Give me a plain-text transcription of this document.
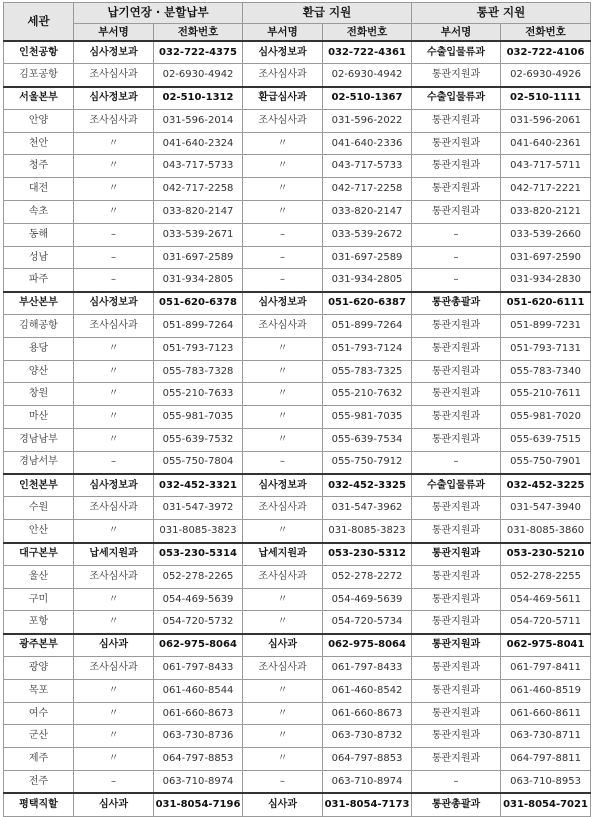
세관	납기연장 · 분할납부		환급 지원		통관 지원	
	부서명	전화번호	부서명	전화번호	부서명	전화번호
인천공항	심사정보과	032-722-4375	심사정보과	032-722-4361	수출입물류과	032-722-4106
김포공항	조사심사과	02-6930-4942	조사심사과	02-6930-4942	통관지원과	02-6930-4926
서울본부	심사정보과	02-510-1312	환급심사과	02-510-1367	수출입물류과	02-510-1111
안양	조사심사과	031-596-2014	조사심사과	031-596-2022	통관지원과	031-596-2061
천안	〃	041-640-2324	〃	041-640-2336	통관지원과	041-640-2361
청주	〃	043-717-5733	〃	043-717-5733	통관지원과	043-717-5711
대전	〃	042-717-2258	〃	042-717-2258	통관지원과	042-717-2221
속초	〃	033-820-2147	〃	033-820-2147	통관지원과	033-820-2121
동해	–	033-539-2671	–	033-539-2672	–	033-539-2660
성남	–	031-697-2589	–	031-697-2589	–	031-697-2590
파주	–	031-934-2805	–	031-934-2805	–	031-934-2830
부산본부	심사정보과	051-620-6378	심사정보과	051-620-6387	통관총괄과	051-620-6111
김해공항	조사심사과	051-899-7264	조사심사과	051-899-7264	통관지원과	051-899-7231
용당	〃	051-793-7123	〃	051-793-7124	통관지원과	051-793-7131
양산	〃	055-783-7328	〃	055-783-7325	통관지원과	055-783-7340
창원	〃	055-210-7633	〃	055-210-7632	통관지원과	055-210-7611
마산	〃	055-981-7035	〃	055-981-7035	통관지원과	055-981-7020
경남남부	〃	055-639-7532	〃	055-639-7534	통관지원과	055-639-7515
경남서부	–	055-750-7804	–	055-750-7912	–	055-750-7901
인천본부	심사정보과	032-452-3321	심사정보과	032-452-3325	수출입물류과	032-452-3225
수원	조사심사과	031-547-3972	조사심사과	031-547-3962	통관지원과	031-547-3940
안산	〃	031-8085-3823	〃	031-8085-3823	통관지원과	031-8085-3860
대구본부	납세지원과	053-230-5314	납세지원과	053-230-5312	통관지원과	053-230-5210
울산	조사심사과	052-278-2265	조사심사과	052-278-2272	통관지원과	052-278-2255
구미	〃	054-469-5639	〃	054-469-5639	통관지원과	054-469-5611
포항	〃	054-720-5732	〃	054-720-5734	통관지원과	054-720-5711
광주본부	심사과	062-975-8064	심사과	062-975-8064	통관지원과	062-975-8041
광양	조사심사과	061-797-8433	조사심사과	061-797-8433	통관지원과	061-797-8411
목포	〃	061-460-8544	〃	061-460-8542	통관지원과	061-460-8519
여수	〃	061-660-8673	〃	061-660-8673	통관지원과	061-660-8611
군산	〃	063-730-8736	〃	063-730-8732	통관지원과	063-730-8711
제주	〃	064-797-8853	〃	064-797-8853	통관지원과	064-797-8811
전주	–	063-710-8974	–	063-710-8974	–	063-710-8953
평택직할	심사과	031-8054-7196	심사과	031-8054-7173	통관총괄과	031-8054-7021
